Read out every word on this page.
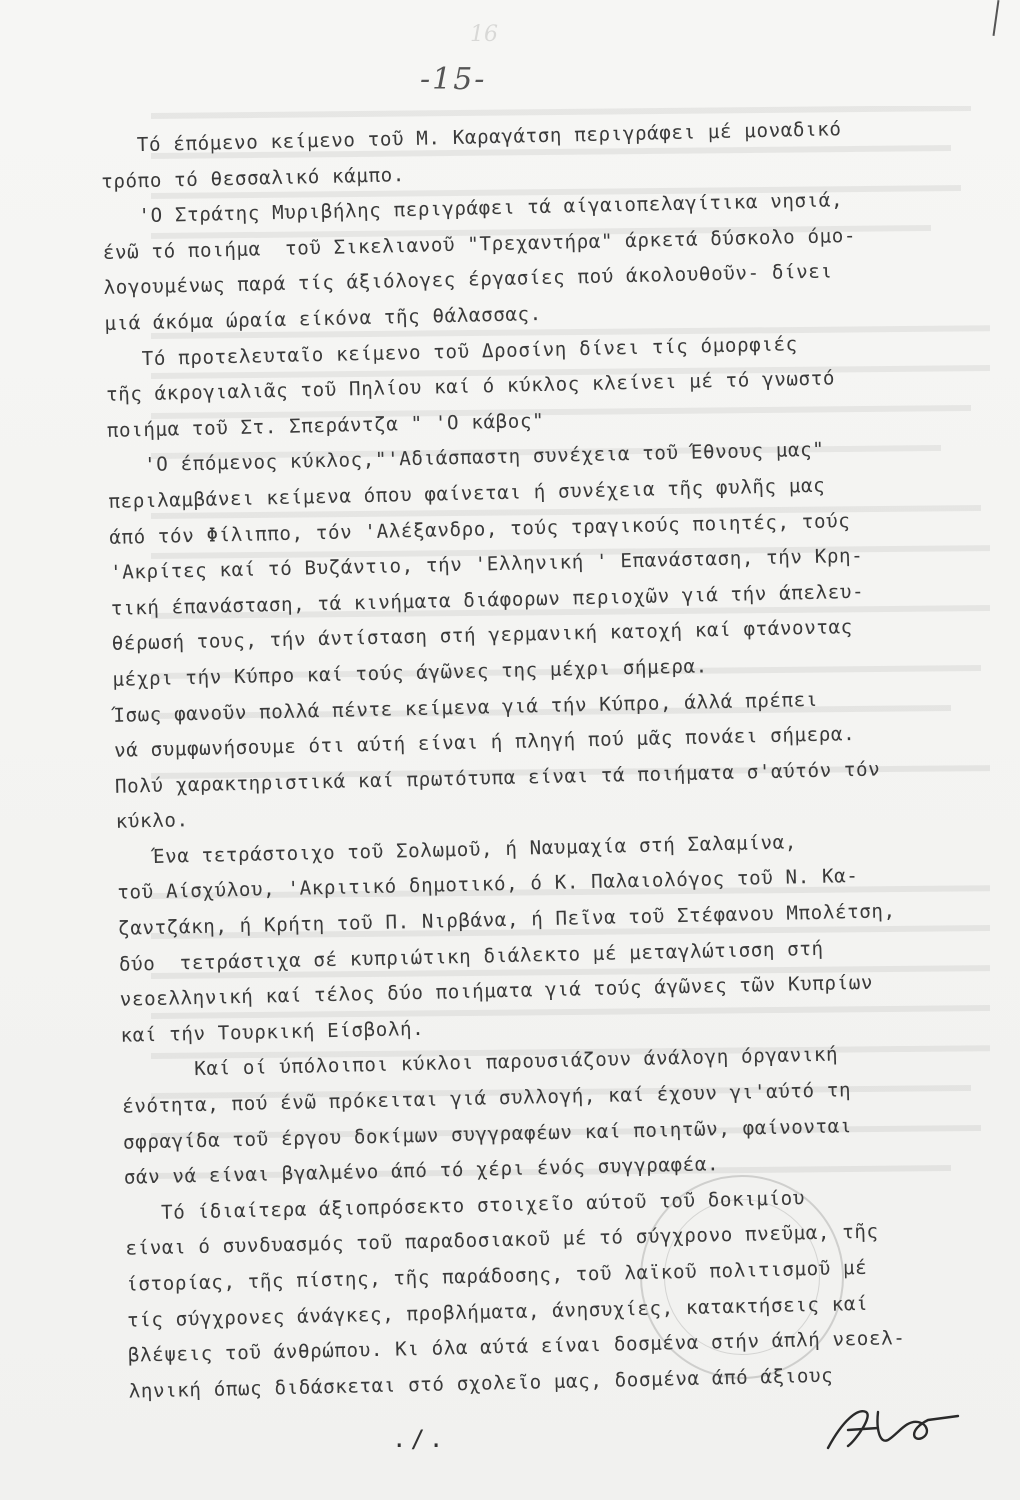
16
-15-
Τό έπόμενο κείμενο τοῦ Μ. Καραγάτση περιγράφει μέ μοναδικό
τρόπο τό θεσσαλικό κάμπο.
'Ο Στράτης Μυριβήλης περιγράφει τά αίγαιοπελαγίτικα νησιά,
ένῶ τό ποιήμα  τοῦ Σικελιανοῦ "Τρεχαντήρα" άρκετά δύσκολο όμο-
λογουμένως παρά τίς άξιόλογες έργασίες πού άκολουθοῦν- δίνει
μιά άκόμα ώραία είκόνα τῆς θάλασσας.
Τό προτελευταῖο κείμενο τοῦ Δροσίνη δίνει τίς όμορφιές
τῆς άκρογιαλιᾶς τοῦ Πηλίου καί ό κύκλος κλείνει μέ τό γνωστό
ποιήμα τοῦ Στ. Σπεράντζα " 'Ο κάβος"
'Ο έπόμενος κύκλος,"'Αδιάσπαστη συνέχεια τοῦ Έθνους μας"
περιλαμβάνει κείμενα όπου φαίνεται ή συνέχεια τῆς φυλῆς μας
άπό τόν Φίλιππο, τόν 'Αλέξανδρο, τούς τραγικούς ποιητές, τούς
'Ακρίτες καί τό Βυζάντιο, τήν 'Ελληνική ' Επανάσταση, τήν Κρη-
τική έπανάσταση, τά κινήματα διάφορων περιοχῶν γιά τήν άπελευ-
θέρωσή τους, τήν άντίσταση στή γερμανική κατοχή καί φτάνοντας
μέχρι τήν Κύπρο καί τούς άγῶνες της μέχρι σήμερα.
Ίσως φανοῦν πολλά πέντε κείμενα γιά τήν Κύπρο, άλλά πρέπει
νά συμφωνήσουμε ότι αύτή είναι ή πληγή πού μᾶς πονάει σήμερα.
Πολύ χαρακτηριστικά καί πρωτότυπα είναι τά ποιήματα σ'αύτόν τόν
κύκλο.
Ένα τετράστοιχο τοῦ Σολωμοῦ, ή Ναυμαχία στή Σαλαμίνα,
τοῦ Αίσχύλου, 'Ακριτικό δημοτικό, ό Κ. Παλαιολόγος τοῦ Ν. Κα-
ζαντζάκη, ή Κρήτη τοῦ Π. Νιρβάνα, ή Πεῖνα τοῦ Στέφανου Μπολέτση,
δύο  τετράστιχα σέ κυπριώτικη διάλεκτο μέ μεταγλώτισση στή
νεοελληνική καί τέλος δύο ποιήματα γιά τούς άγῶνες τῶν Κυπρίων
καί τήν Τουρκική Είσβολή.
Καί οί ύπόλοιποι κύκλοι παρουσιάζουν άνάλογη όργανική
ένότητα, πού ένῶ πρόκειται γιά συλλογή, καί έχουν γι'αύτό τη
σφραγίδα τοῦ έργου δοκίμων συγγραφέων καί ποιητῶν, φαίνονται
σάν νά είναι βγαλμένο άπό τό χέρι ένός συγγραφέα.
Τό ίδιαίτερα άξιοπρόσεκτο στοιχεῖο αύτοῦ τοῦ δοκιμίου
είναι ό συνδυασμός τοῦ παραδοσιακοῦ μέ τό σύγχρονο πνεῦμα, τῆς
ίστορίας, τῆς πίστης, τῆς παράδοσης, τοῦ λαϊκοῦ πολιτισμοῦ μέ
τίς σύγχρονες άνάγκες, προβλήματα, άνησυχίες, κατακτήσεις καί
βλέψεις τοῦ άνθρώπου. Κι όλα αύτά είναι δοσμένα στήν άπλή νεοελ-
ληνική όπως διδάσκεται στό σχολεῖο μας, δοσμένα άπό άξιους
./.
